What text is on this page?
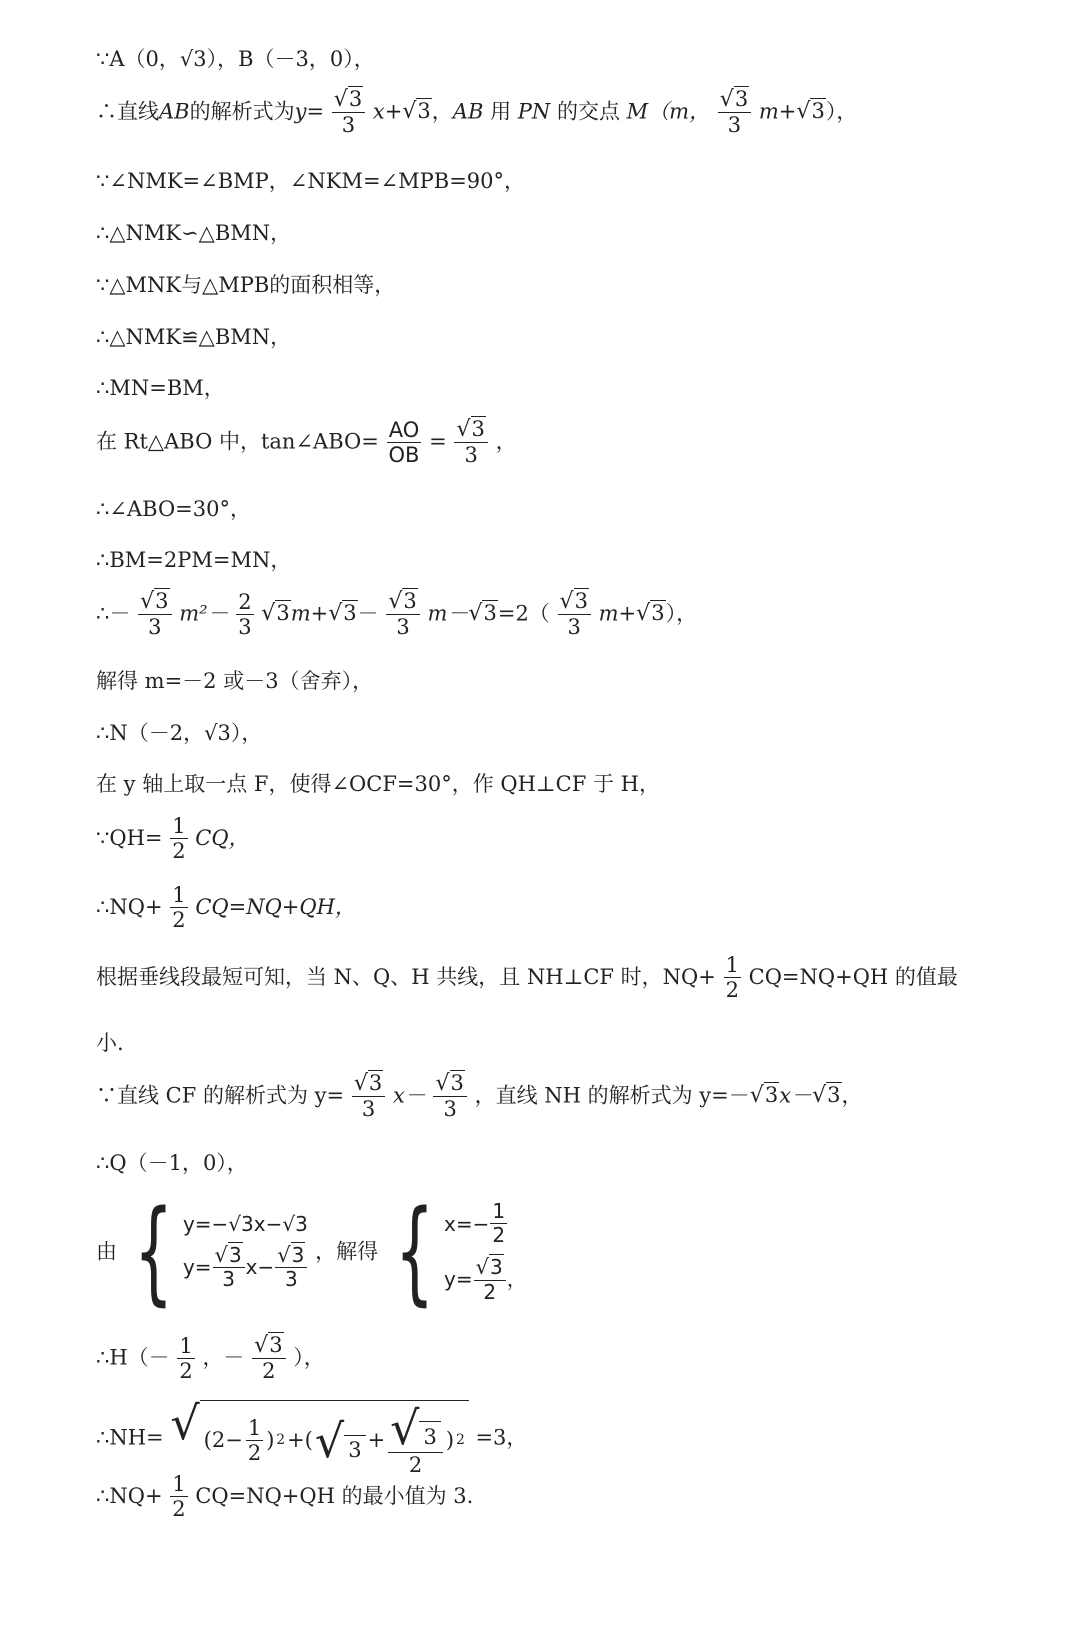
∵A（0，√3），B（－3，0），
∴直线AB的解析式为$y= \frac{√3}{3} x+√3$，AB 用 PN 的交点 M（m， $\frac{√3}{3} m+√3$），
∵∠NMK=∠BMP，∠NKM=∠MPB=90°，
∴△NMK∽△BMN，
∵△MNK与△MPB的面积相等，
∴△NMK≌△BMN，
∴MN=BM，
在 Rt△ABO 中，tan∠ABO= $\frac{AO}{OB} = \frac{√3}{3}$ ，
∴∠ABO=30°，
∴BM=2PM=MN，
∴－ $\frac{√3}{3} m^2- \frac{2}{3} √3m+√3- \frac{√3}{3} m-√3=2( \frac{√3}{3} m+√3)$，
解得 m=－2 或－3（舍弃），
∴N（－2，√3），
在 y 轴上取一点 F，使得∠OCF=30°，作 QH⊥CF 于 H，
∵QH= $\frac{1}{2}$ CQ，
∴NQ+ $\frac{1}{2} CQ=NQ+QH$，
根据垂线段最短可知，当 N、Q、H 共线，且 NH⊥CF 时，$NQ+ \frac{1}{2} CQ=NQ+QH$ 的值最
小.
∵直线 CF 的解析式为 $y= \frac{√3}{3} x- \frac{√3}{3}$ ，直线 NH 的解析式为 y=－√3x－√3，
∴Q（－1，0），
由 { y=−√3x−√3
$y= \frac{√3}{3} x- \frac{√3}{3}$ ，解得 { $x=- \frac{1}{2}$
$y= \frac{√3}{2}$ ，
∴H（－ $\frac{1}{2}$ ，－ $\frac{√3}{2}$ ），
∴NH= √ ($2- \frac{1}{2}$ ) 2 +( √ $3 + \frac{√ 3}{2}$ ) 2 =3，
∴NQ+ $\frac{1}{2} CQ=NQ+QH$ 的最小值为 3.
